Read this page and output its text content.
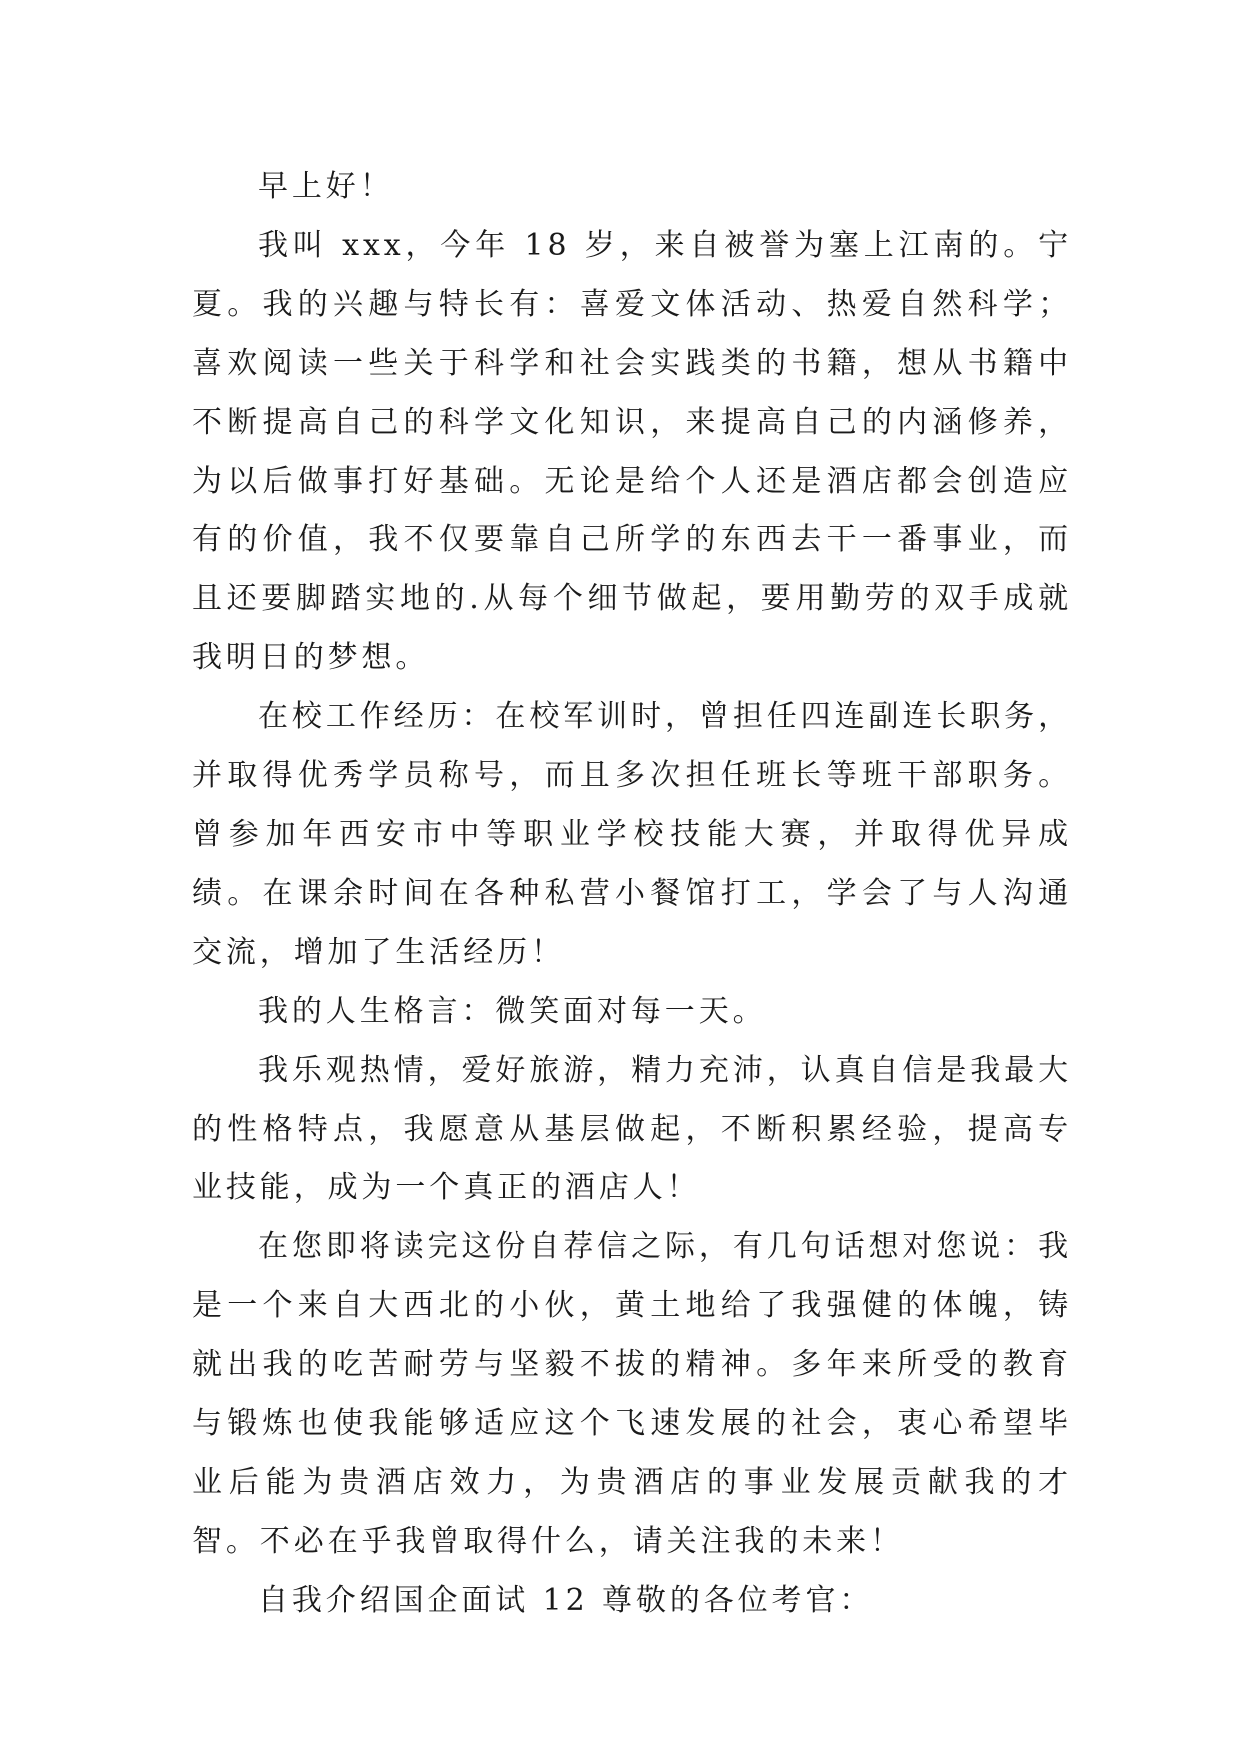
早上好！

我叫 xxx，今年 18 岁，来自被誉为塞上江南的。宁夏。我的兴趣与特长有：喜爱文体活动、热爱自然科学；喜欢阅读一些关于科学和社会实践类的书籍，想从书籍中不断提高自己的科学文化知识，来提高自己的内涵修养，为以后做事打好基础。无论是给个人还是酒店都会创造应有的价值，我不仅要靠自己所学的东西去干一番事业，而且还要脚踏实地的.从每个细节做起，要用勤劳的双手成就我明日的梦想。

在校工作经历：在校军训时，曾担任四连副连长职务，并取得优秀学员称号，而且多次担任班长等班干部职务。曾参加年西安市中等职业学校技能大赛，并取得优异成绩。在课余时间在各种私营小餐馆打工，学会了与人沟通交流，增加了生活经历！

我的人生格言：微笑面对每一天。

我乐观热情，爱好旅游，精力充沛，认真自信是我最大的性格特点，我愿意从基层做起，不断积累经验，提高专业技能，成为一个真正的酒店人！

在您即将读完这份自荐信之际，有几句话想对您说：我是一个来自大西北的小伙，黄土地给了我强健的体魄，铸就出我的吃苦耐劳与坚毅不拔的精神。多年来所受的教育与锻炼也使我能够适应这个飞速发展的社会，衷心希望毕业后能为贵酒店效力，为贵酒店的事业发展贡献我的才智。不必在乎我曾取得什么，请关注我的未来！

自我介绍国企面试 12 尊敬的各位考官：
